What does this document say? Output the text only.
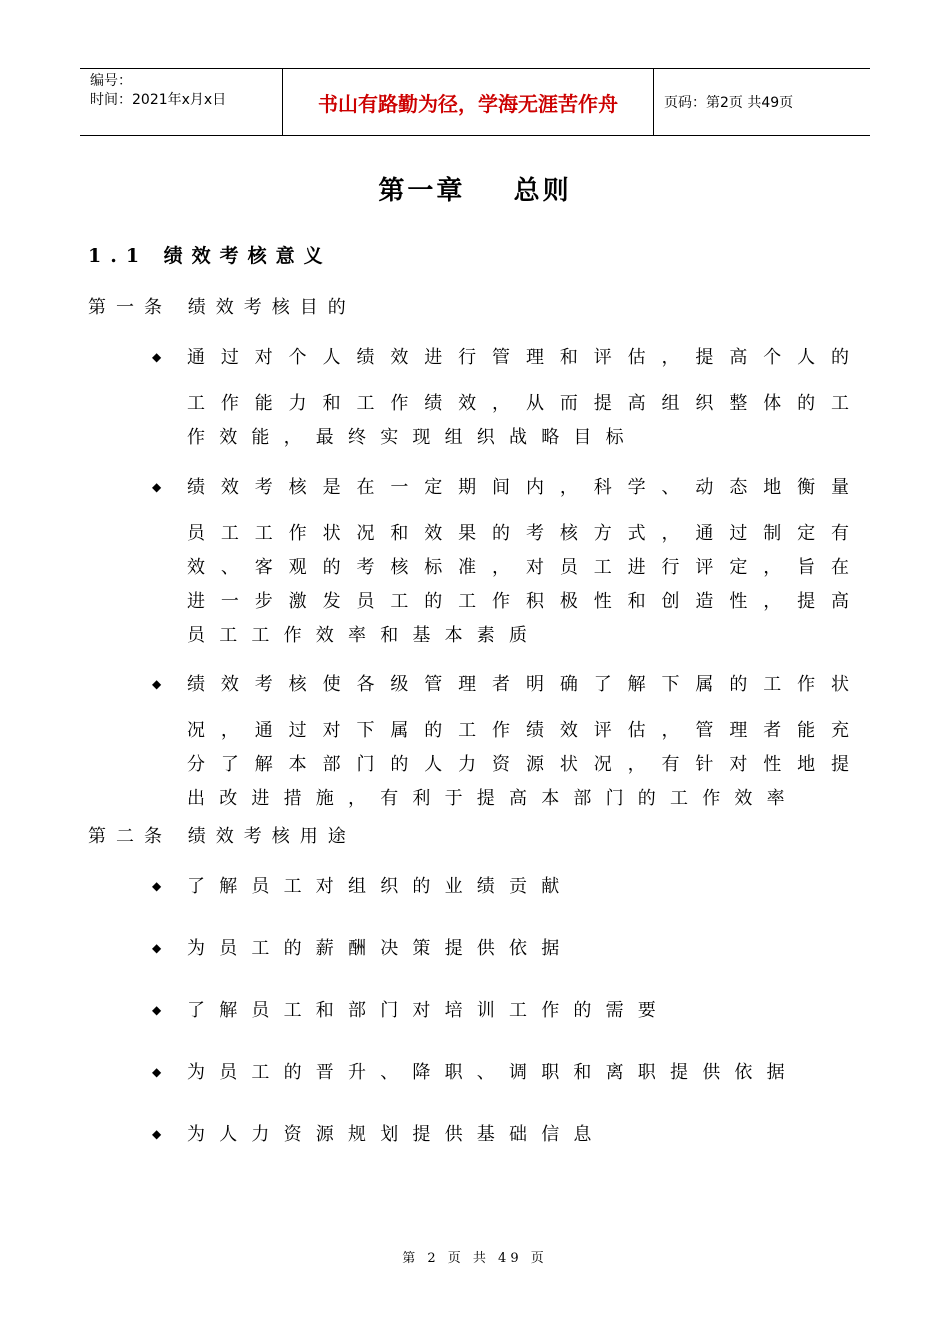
编号：
时间：2021年x月x日	书山有路勤为径，学海无涯苦作舟	页码：第2页 共49页
第一章    总则
1.1 绩效考核意义
第一条 绩效考核目的
◆ 通过对个人绩效进行管理和评估，提高个人的
工作能力和工作绩效，从而提高组织整体的工
作效能，最终实现组织战略目标
◆ 绩效考核是在一定期间内，科学、动态地衡量
员工工作状况和效果的考核方式，通过制定有
效、客观的考核标准，对员工进行评定，旨在
进一步激发员工的工作积极性和创造性，提高
员工工作效率和基本素质
◆ 绩效考核使各级管理者明确了解下属的工作状
况，通过对下属的工作绩效评估，管理者能充
分了解本部门的人力资源状况，有针对性地提
出改进措施，有利于提高本部门的工作效率
第二条 绩效考核用途
◆ 了解员工对组织的业绩贡献
◆ 为员工的薪酬决策提供依据
◆ 了解员工和部门对培训工作的需要
◆ 为员工的晋升、降职、调职和离职提供依据
◆ 为人力资源规划提供基础信息
第 2 页 共 49 页
